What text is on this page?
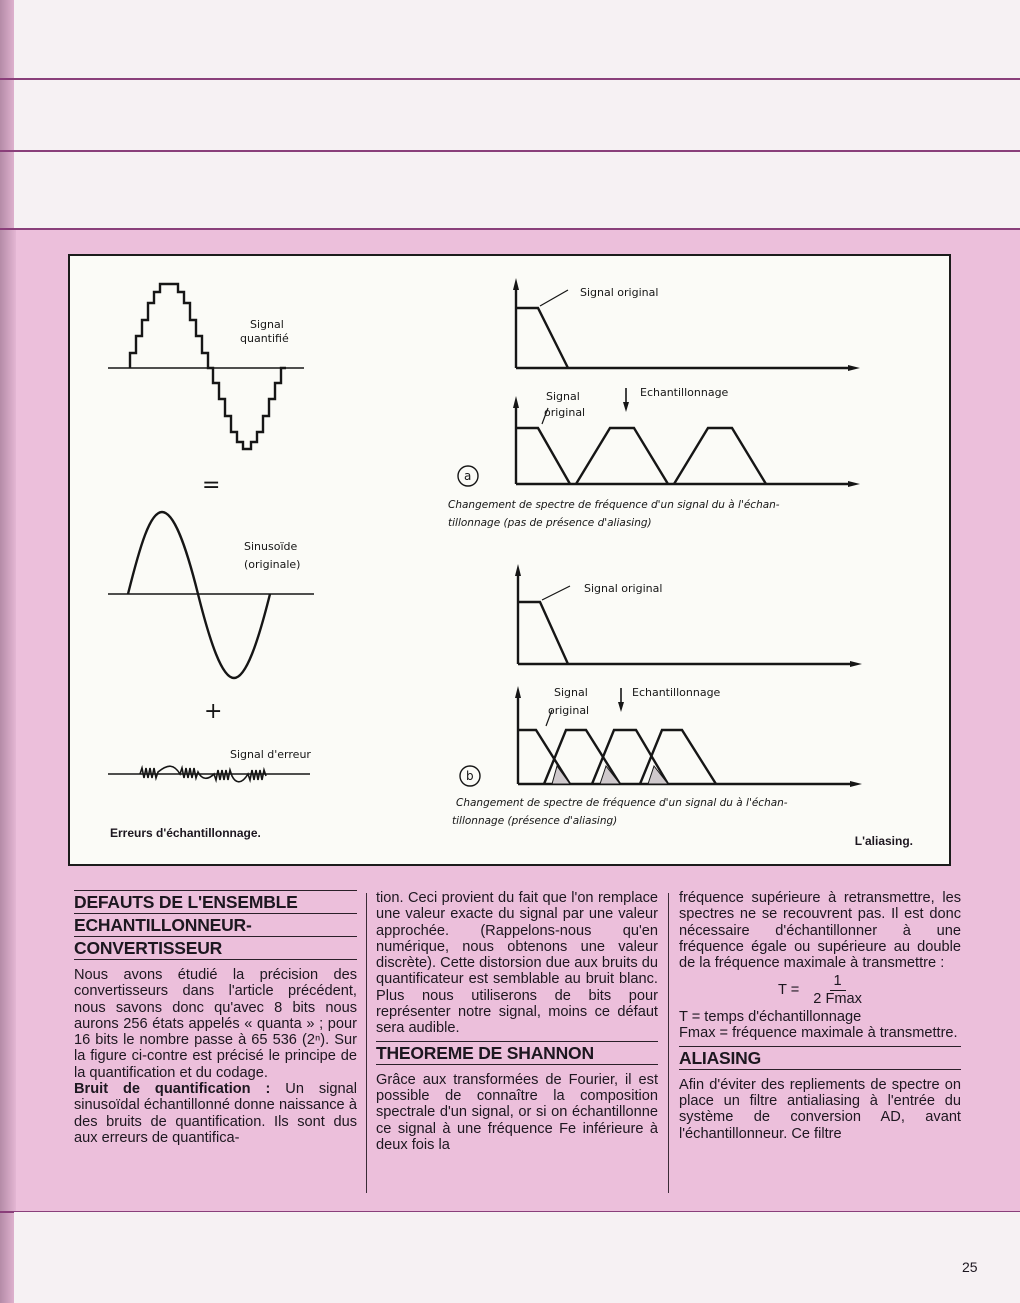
Signal
quantifié
=
Sinusoïde
(originale)
+
Signal d'erreur
Signal original
Signal
original
Echantillonnage
a
Changement de spectre de fréquence d'un signal du à l'échan-
tillonnage (pas de présence d'aliasing)
Signal original
Signal
original
Echantillonnage
b
Changement de spectre de fréquence d'un signal du à l'échan-
tillonnage (présence d'aliasing)
Erreurs d'échantillonnage.
L'aliasing.

DEFAUTS DE L'ENSEMBLE

ECHANTILLONNEUR-

CONVERTISSEUR

Nous avons étudié la précision des convertisseurs dans l'article précédent, nous savons donc qu'avec 8 bits nous aurons 256 états appelés « quanta » ; pour 16 bits le nombre passe à 65 536 (2ⁿ). Sur la figure ci-contre est précisé le principe de la quantification et du codage.

Bruit de quantification : Un signal sinusoïdal échantillonné donne naissance à des bruits de quantification. Ils sont dus aux erreurs de quantifica-

tion. Ceci provient du fait que l'on remplace une valeur exacte du signal par une valeur approchée. (Rappelons-nous qu'en numérique, nous obtenons une valeur discrète). Cette distorsion due aux bruits du quantificateur est semblable au bruit blanc. Plus nous utiliserons de bits pour représenter notre signal, moins ce défaut sera audible.

THEOREME DE SHANNON

Grâce aux transformées de Fourier, il est possible de connaître la composition spectrale d'un signal, or si on échantillonne ce signal à une fréquence Fe inférieure à deux fois la

fréquence supérieure à retransmettre, les spectres ne se recouvrent pas. Il est donc nécessaire d'échantillonner à une fréquence égale ou supérieure au double de la fréquence maximale à transmettre :

$T = \frac{1}{2 Fmax}$

T = temps d'échantillonnage

Fmax = fréquence maximale à transmettre.

ALIASING

Afin d'éviter des repliements de spectre on place un filtre antialiasing à l'entrée du système de conversion AD, avant l'échantillonneur. Ce filtre

25
